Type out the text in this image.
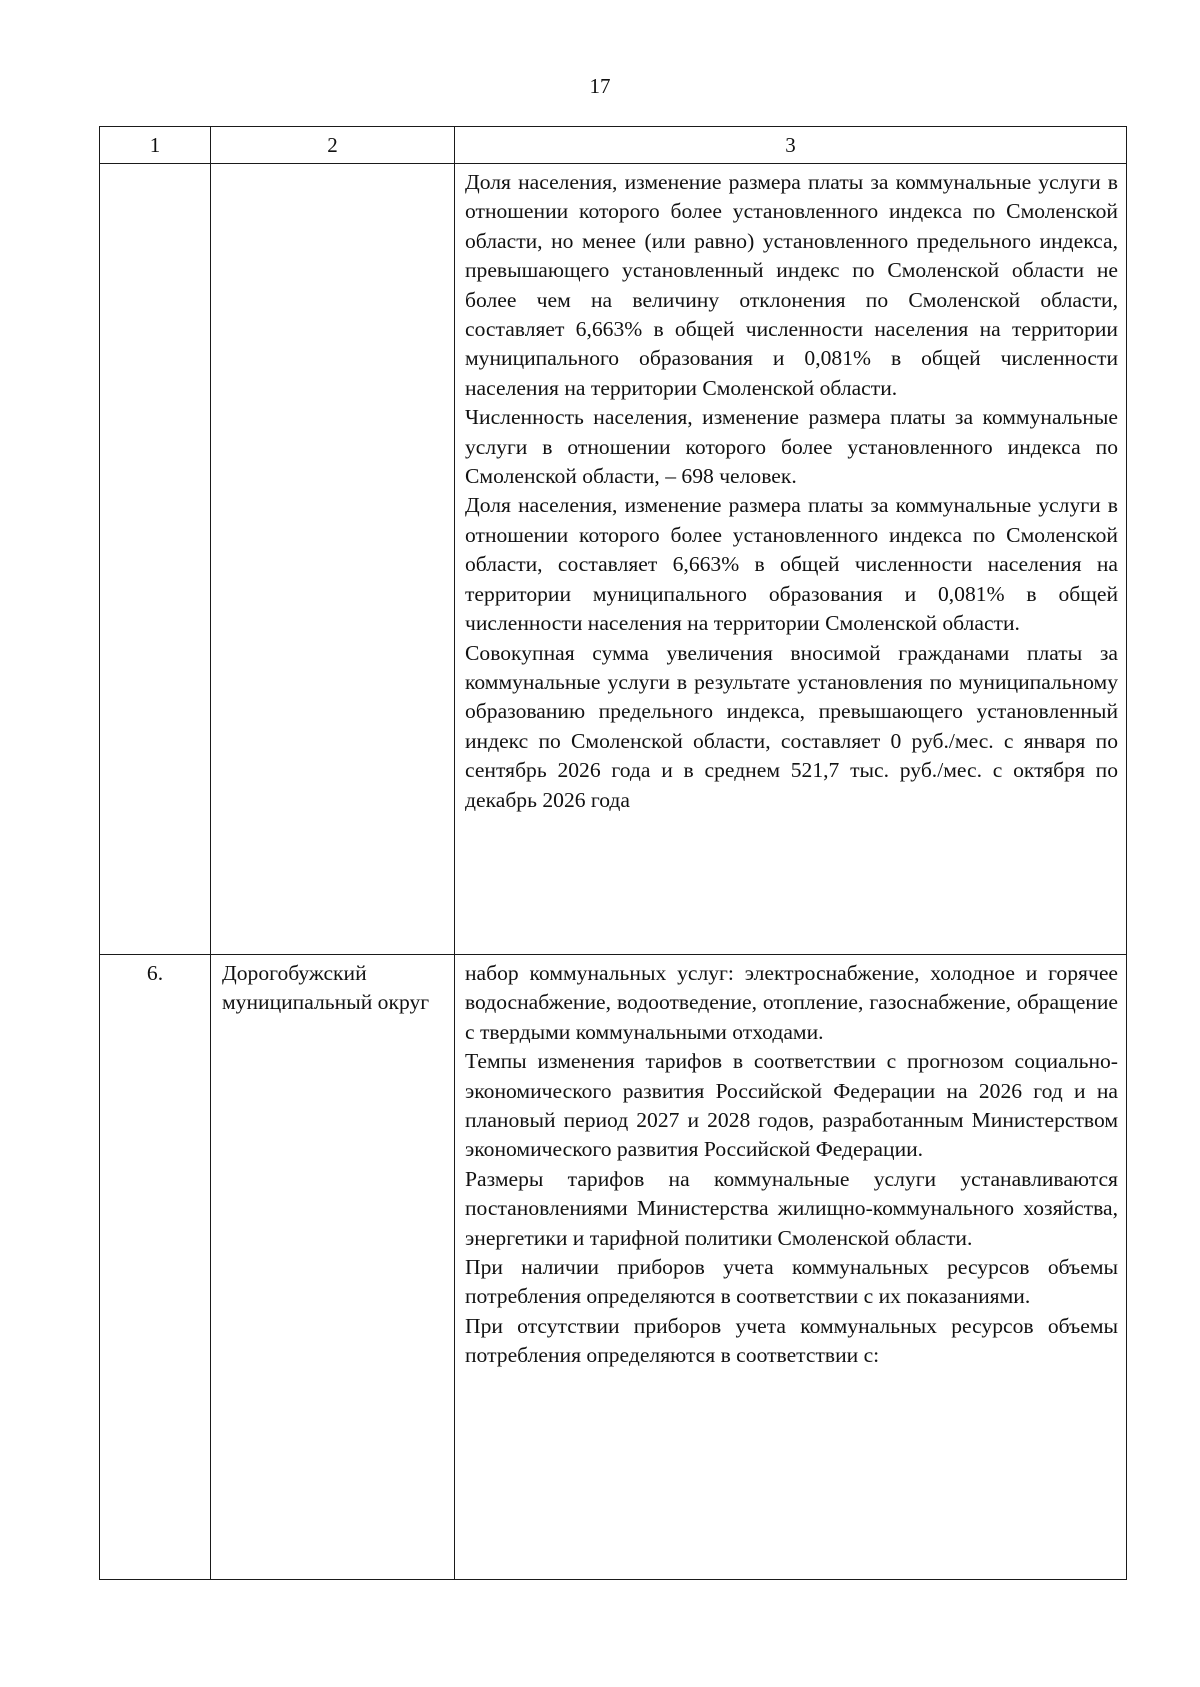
17
1	2	3

		Доля населения, изменение размера платы за коммунальные услуги в отношении которого более установленного индекса по Смоленской области, но менее (или равно) установленного предельного индекса, превышающего установленный индекс по Смоленской области не более чем на величину отклонения по Смоленской области, составляет 6,663% в общей численности населения на территории муниципального образования и 0,081% в общей численности населения на территории Смоленской области.

Численность населения, изменение размера платы за коммунальные услуги в отношении которого более установленного индекса по Смоленской области, – 698 человек.

Доля населения, изменение размера платы за коммунальные услуги в отношении которого более установленного индекса по Смоленской области, составляет 6,663% в общей численности населения на территории муниципального образования и 0,081% в общей численности населения на территории Смоленской области.

Совокупная сумма увеличения вносимой гражданами платы за коммунальные услуги в результате установления по муниципальному образованию предельного индекса, превышающего установленный индекс по Смоленской области, составляет 0 руб./мес. с января по сентябрь 2026 года и в среднем 521,7 тыс. руб./мес. с октября по декабрь 2026 года

6.	Дорогобужский муниципальный округ	набор коммунальных услуг: электроснабжение, холодное и горячее водоснабжение, водоотведение, отопление, газоснабжение, обращение с твердыми коммунальными отходами.

Темпы изменения тарифов в соответствии с прогнозом социально-экономического развития Российской Федерации на 2026 год и на плановый период 2027 и 2028 годов, разработанным Министерством экономического развития Российской Федерации.

Размеры тарифов на коммунальные услуги устанавливаются постановлениями Министерства жилищно-коммунального хозяйства, энергетики и тарифной политики Смоленской области.

При наличии приборов учета коммунальных ресурсов объемы потребления определяются в соответствии с их показаниями.

При отсутствии приборов учета коммунальных ресурсов объемы потребления определяются в соответствии с:
